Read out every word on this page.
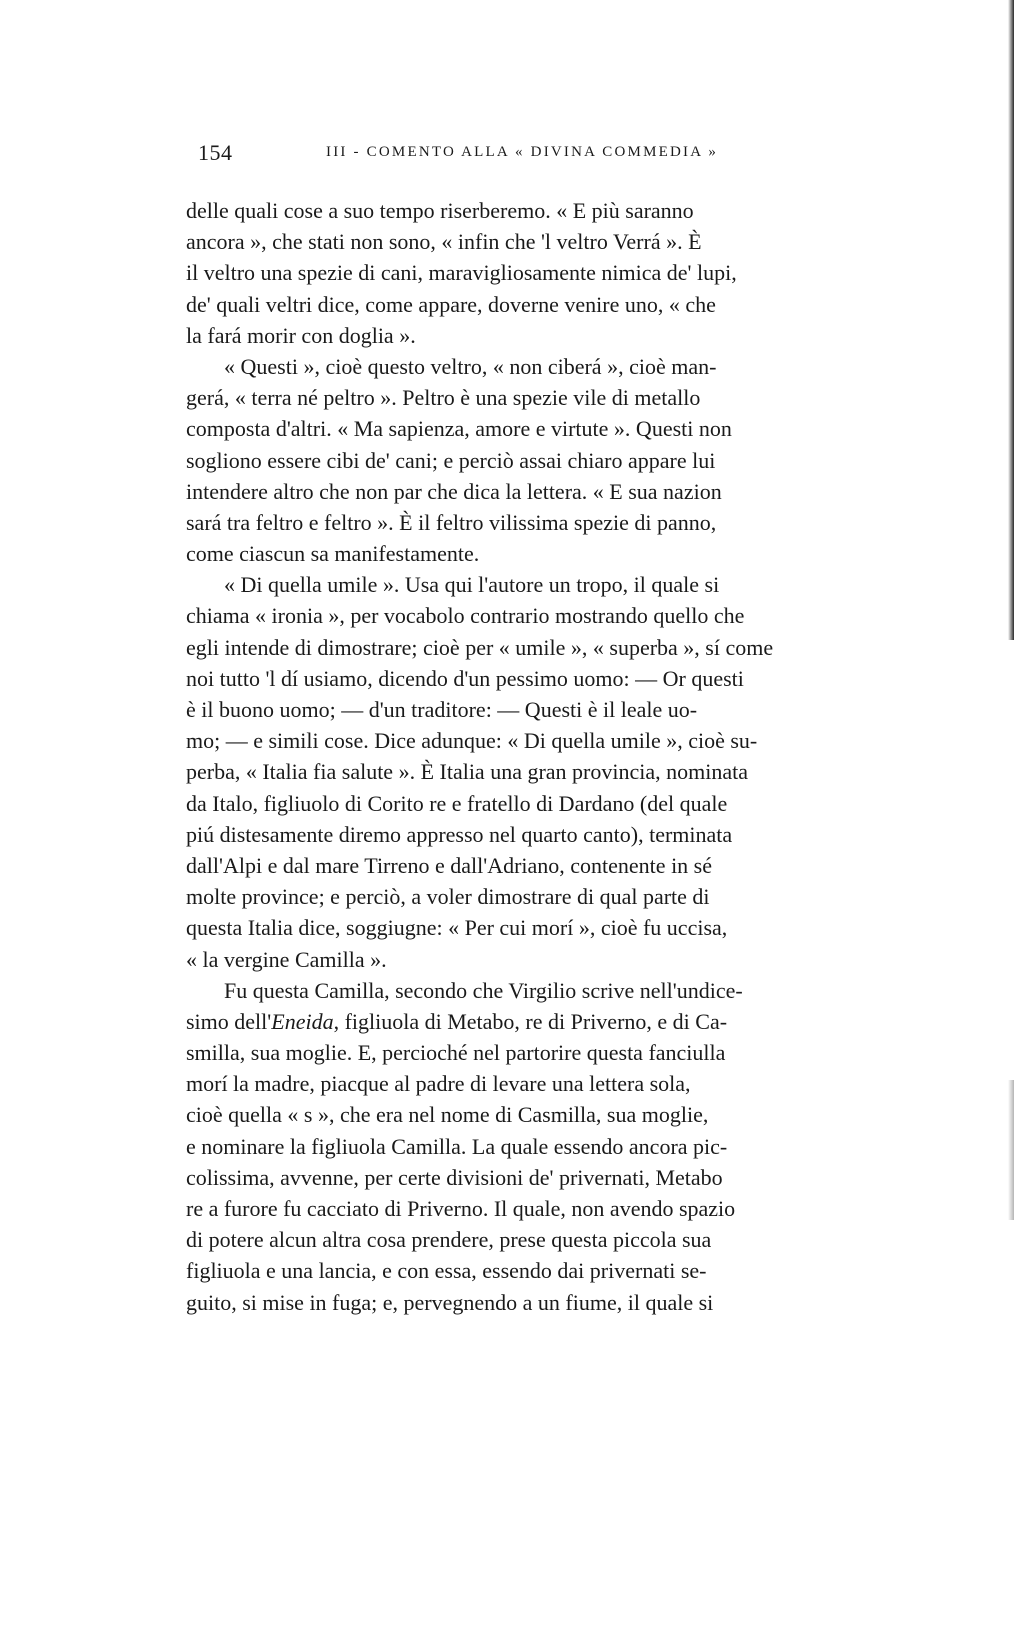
154	III - COMENTO ALLA « DIVINA COMMEDIA »
delle quali cose a suo tempo riserberemo. « E più saranno
ancora », che stati non sono, « infin che 'l veltro Verrá ». È
il veltro una spezie di cani, maravigliosamente nimica de' lupi,
de' quali veltri dice, come appare, doverne venire uno, « che
la fará morir con doglia ».
« Questi », cioè questo veltro, « non ciberá », cioè man-
gerá, « terra né peltro ». Peltro è una spezie vile di metallo
composta d'altri. « Ma sapienza, amore e virtute ». Questi non
sogliono essere cibi de' cani; e perciò assai chiaro appare lui
intendere altro che non par che dica la lettera. « E sua nazion
sará tra feltro e feltro ». È il feltro vilissima spezie di panno,
come ciascun sa manifestamente.
« Di quella umile ». Usa qui l'autore un tropo, il quale si
chiama « ironia », per vocabolo contrario mostrando quello che
egli intende di dimostrare; cioè per « umile », « superba », sí come
noi tutto 'l dí usiamo, dicendo d'un pessimo uomo: — Or questi
è il buono uomo; — d'un traditore: — Questi è il leale uo-
mo; — e simili cose. Dice adunque: « Di quella umile », cioè su-
perba, « Italia fia salute ». È Italia una gran provincia, nominata
da Italo, figliuolo di Corito re e fratello di Dardano (del quale
piú distesamente diremo appresso nel quarto canto), terminata
dall'Alpi e dal mare Tirreno e dall'Adriano, contenente in sé
molte province; e perciò, a voler dimostrare di qual parte di
questa Italia dice, soggiugne: « Per cui morí », cioè fu uccisa,
« la vergine Camilla ».
Fu questa Camilla, secondo che Virgilio scrive nell'undice-
simo dell'Eneida, figliuola di Metabo, re di Priverno, e di Ca-
smilla, sua moglie. E, percioché nel partorire questa fanciulla
morí la madre, piacque al padre di levare una lettera sola,
cioè quella « s », che era nel nome di Casmilla, sua moglie,
e nominare la figliuola Camilla. La quale essendo ancora pic-
colissima, avvenne, per certe divisioni de' privernati, Metabo
re a furore fu cacciato di Priverno. Il quale, non avendo spazio
di potere alcun altra cosa prendere, prese questa piccola sua
figliuola e una lancia, e con essa, essendo dai privernati se-
guito, si mise in fuga; e, pervegnendo a un fiume, il quale si
